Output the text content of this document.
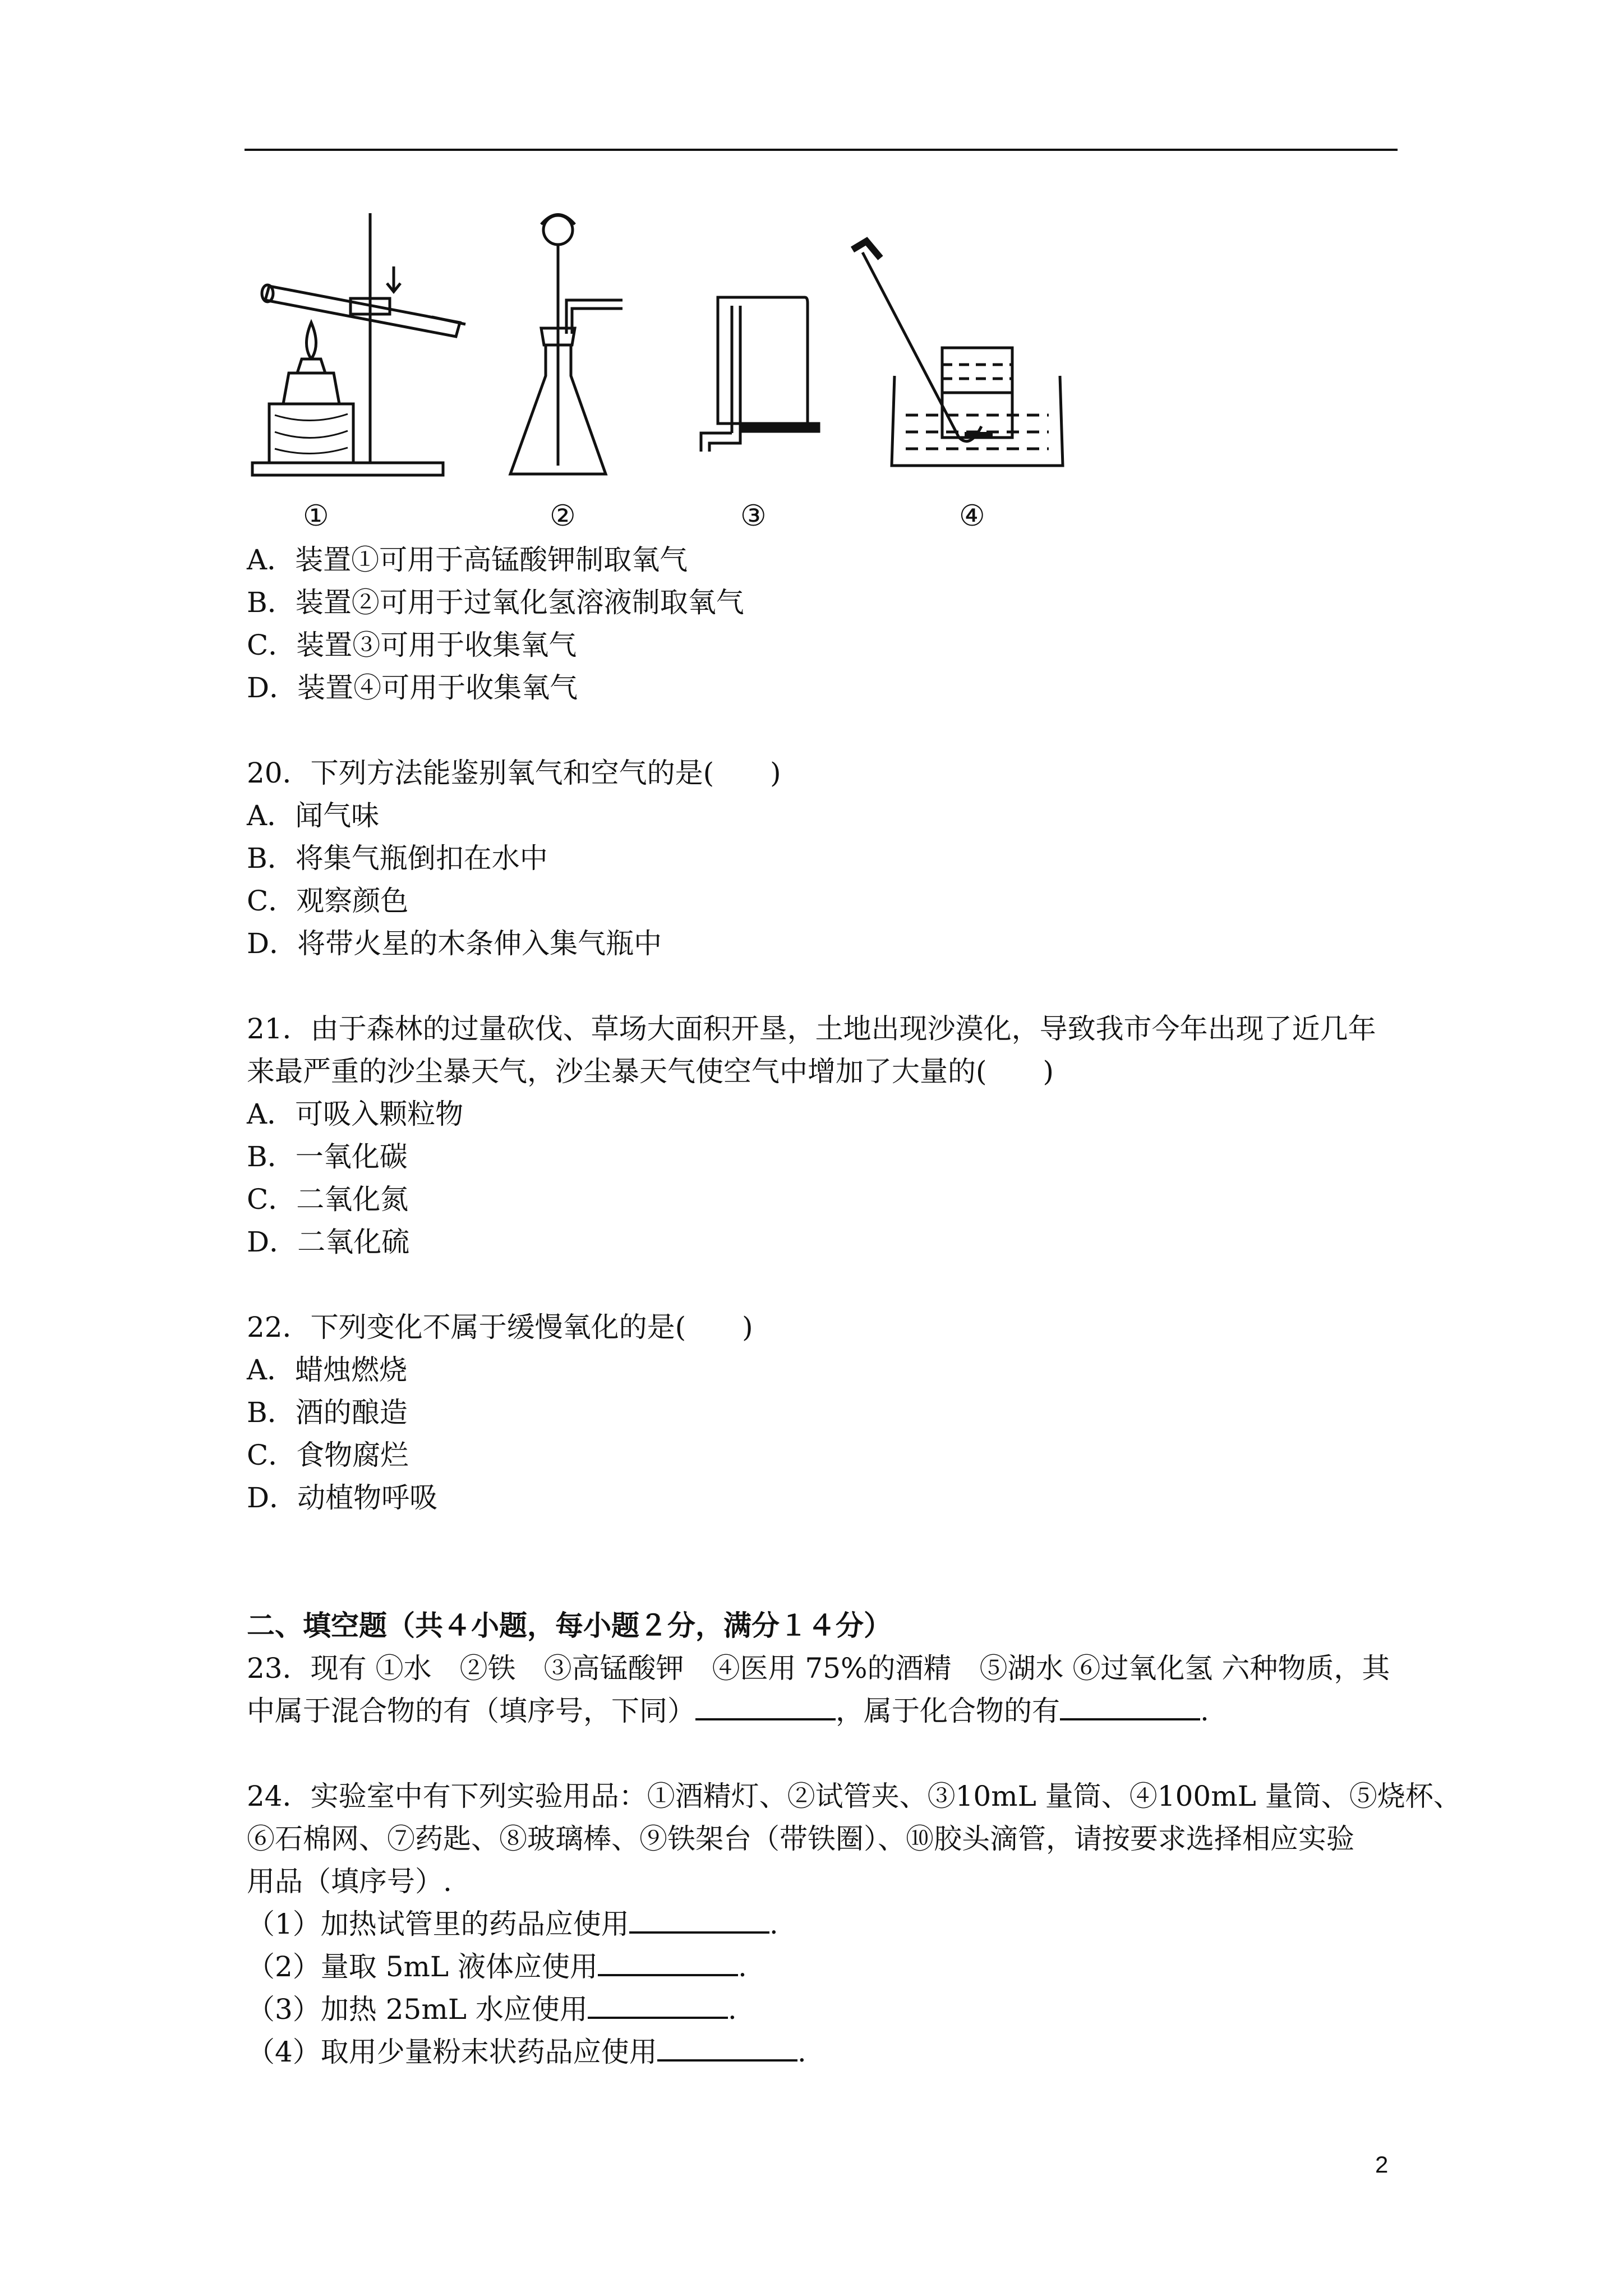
①	②	③	④
A．装置①可用于高锰酸钾制取氧气
B．装置②可用于过氧化氢溶液制取氧气
C．装置③可用于收集氧气
D．装置④可用于收集氧气
20．下列方法能鉴别氧气和空气的是(　　)
A．闻气味
B．将集气瓶倒扣在水中
C．观察颜色
D．将带火星的木条伸入集气瓶中
21．由于森林的过量砍伐、草场大面积开垦，土地出现沙漠化，导致我市今年出现了近几年
来最严重的沙尘暴天气，沙尘暴天气使空气中增加了大量的(　　)
A．可吸入颗粒物
B．一氧化碳
C．二氧化氮
D．二氧化硫
22．下列变化不属于缓慢氧化的是(　　)
A．蜡烛燃烧
B．酒的酿造
C．食物腐烂
D．动植物呼吸
二、填空题（共４小题，每小题２分，满分１４分）
23．现有 ①水　②铁　③高锰酸钾　④医用 75%的酒精　⑤湖水 ⑥过氧化氢 六种物质，其
中属于混合物的有（填序号，下同）	，属于化合物的有	.
24．实验室中有下列实验用品：①酒精灯、②试管夹、③10mL 量筒、④100mL 量筒、⑤烧杯、
⑥石棉网、⑦药匙、⑧玻璃棒、⑨铁架台（带铁圈）、⑩胶头滴管，请按要求选择相应实验
用品（填序号）.
（1）加热试管里的药品应使用	.
（2）量取 5mL 液体应使用	.
（3）加热 25mL 水应使用	.
（4）取用少量粉末状药品应使用	.
2
